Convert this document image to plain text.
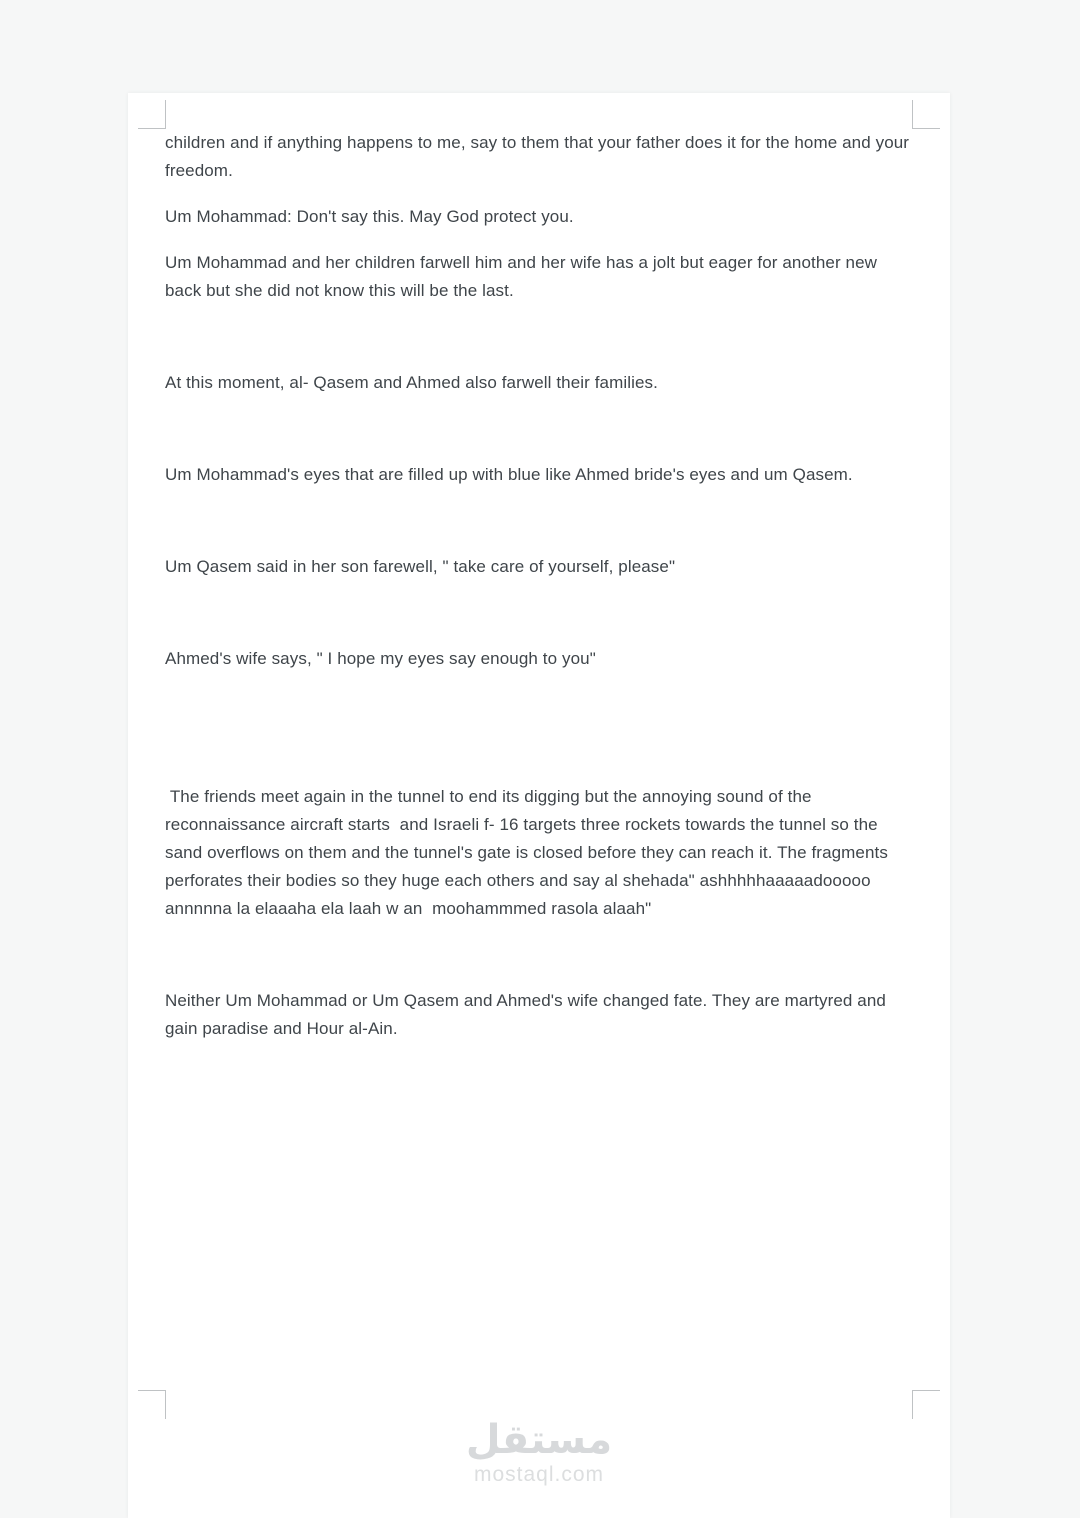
children and if anything happens to me, say to them that your father does it for the home and your freedom.

Um Mohammad: Don't say this. May God protect you.

Um Mohammad and her children farwell him and her wife has a jolt but eager for another new back but she did not know this will be the last.

At this moment, al- Qasem and Ahmed also farwell their families.

Um Mohammad's eyes that are filled up with blue like Ahmed bride's eyes and um Qasem.

Um Qasem said in her son farewell, " take care of yourself, please"

Ahmed's wife says, " I hope my eyes say enough to you"

The friends meet again in the tunnel to end its digging but the annoying sound of the reconnaissance aircraft starts  and Israeli f- 16 targets three rockets towards the tunnel so the sand overflows on them and the tunnel's gate is closed before they can reach it. The fragments perforates their bodies so they huge each others and say al shehada" ashhhhhaaaaadooooo annnnna la elaaaha ela laah w an  moohammmed rasola alaah"

Neither Um Mohammad or Um Qasem and Ahmed's wife changed fate. They are martyred and gain paradise and Hour al-Ain.

مستقل
mostaql.com
